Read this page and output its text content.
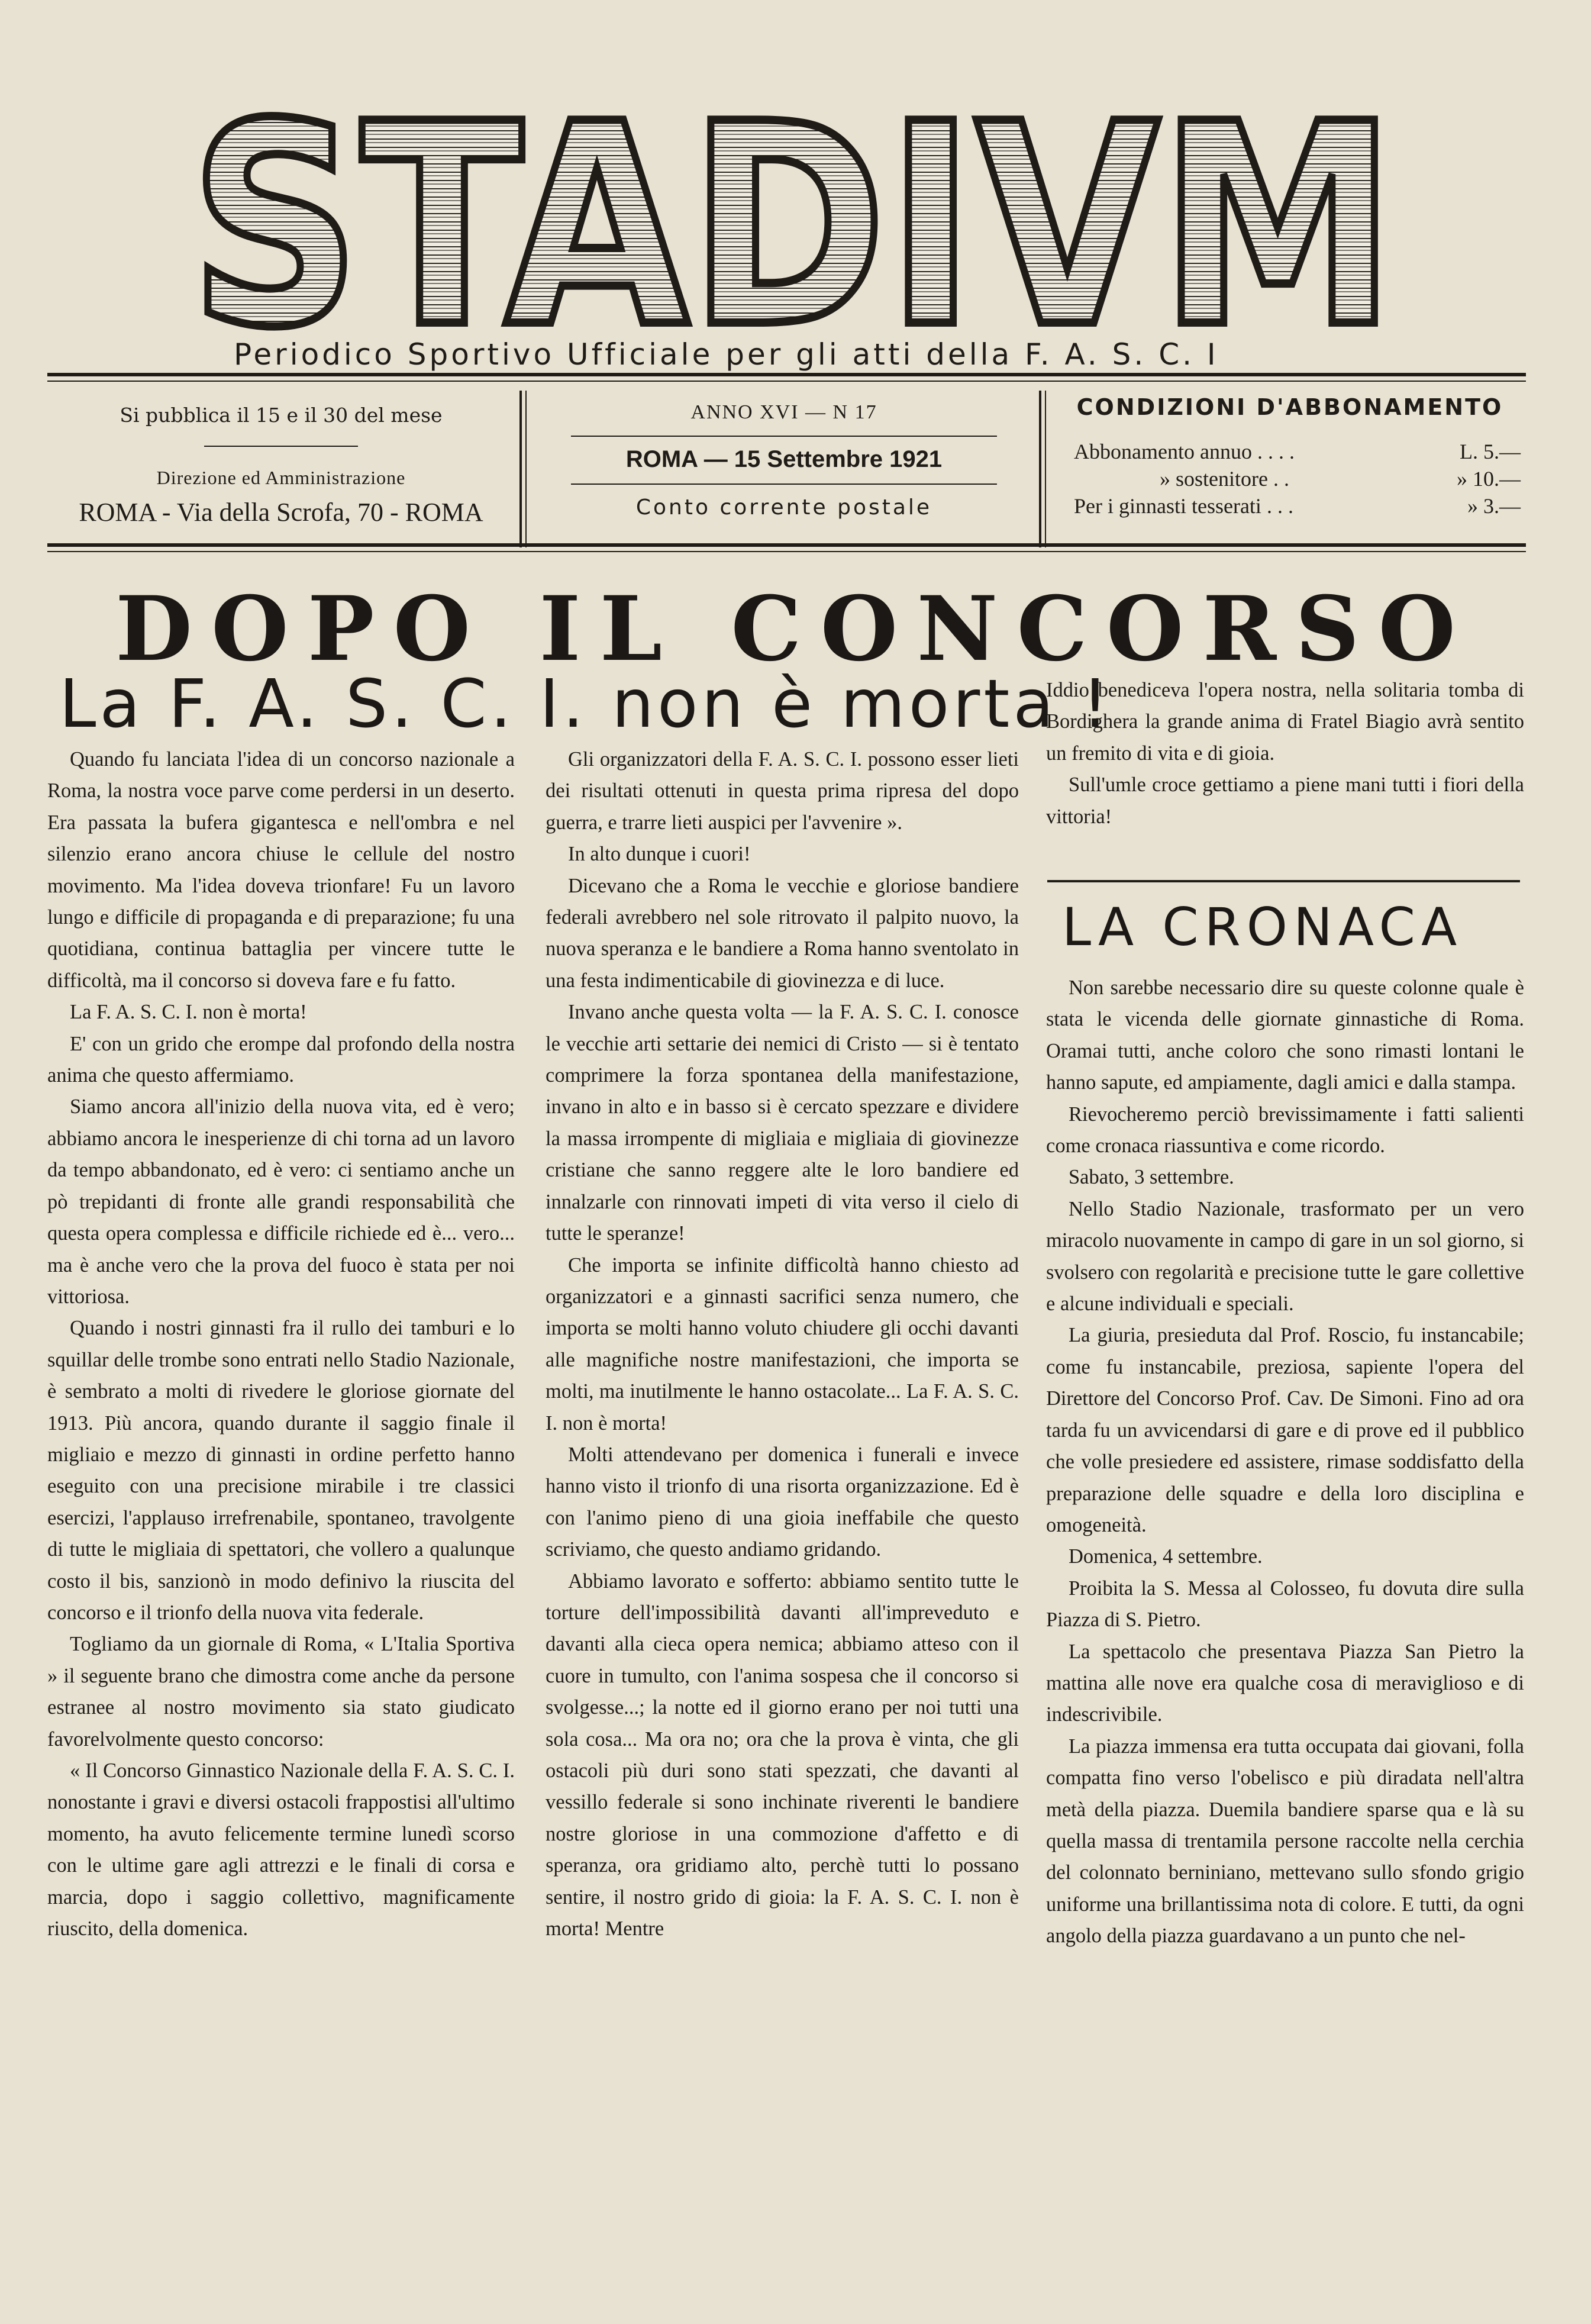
STADIVM
Periodico Sportivo Ufficiale per gli atti della F. A. S. C. I
Si pubblica il 15 e il 30 del mese
Direzione ed Amministrazione
ROMA - Via della Scrofa, 70 - ROMA
ANNO XVI — N 17
ROMA — 15 Settembre 1921
Conto corrente postale
CONDIZIONI D'ABBONAMENTO
Abbonamento annuo . . . .	L. 5.—
» sostenitore . .	» 10.—
Per i ginnasti tesserati . . .	» 3.—
DOPO IL CONCORSO
La F. A. S. C. I. non è morta !

Quando fu lanciata l'idea di un concorso nazionale a Roma, la nostra voce parve come perdersi in un deserto. Era passata la bufera gigantesca e nell'ombra e nel silenzio erano ancora chiuse le cellule del nostro movimento. Ma l'idea doveva trionfare! Fu un lavoro lungo e difficile di propaganda e di preparazione; fu una quotidiana, continua battaglia per vincere tutte le difficoltà, ma il concorso si doveva fare e fu fatto.

La F. A. S. C. I. non è morta!

E' con un grido che erompe dal profondo della nostra anima che questo affermiamo.

Siamo ancora all'inizio della nuova vita, ed è vero; abbiamo ancora le inesperienze di chi torna ad un lavoro da tempo abbandonato, ed è vero: ci sentiamo anche un pò trepidanti di fronte alle grandi responsabilità che questa opera complessa e difficile richiede ed è... vero... ma è anche vero che la prova del fuoco è stata per noi vittoriosa.

Quando i nostri ginnasti fra il rullo dei tamburi e lo squillar delle trombe sono entrati nello Stadio Nazionale, è sembrato a molti di rivedere le gloriose giornate del 1913. Più ancora, quando durante il saggio finale il migliaio e mezzo di ginnasti in ordine perfetto hanno eseguito con una precisione mirabile i tre classici esercizi, l'applauso irrefrenabile, spontaneo, travolgente di tutte le migliaia di spettatori, che vollero a qualunque costo il bis, sanzionò in modo definivo la riuscita del concorso e il trionfo della nuova vita federale.

Togliamo da un giornale di Roma, « L'Italia Sportiva » il seguente brano che dimostra come anche da persone estranee al nostro movimento sia stato giudicato favorelvolmente questo concorso:

« Il Concorso Ginnastico Nazionale della F. A. S. C. I. nonostante i gravi e diversi ostacoli frappostisi all'ultimo momento, ha avuto felicemente termine lunedì scorso con le ultime gare agli attrezzi e le finali di corsa e marcia, dopo i saggio collettivo, magnificamente riuscito, della domenica.

Gli organizzatori della F. A. S. C. I. possono esser lieti dei risultati ottenuti in questa prima ripresa del dopo guerra, e trarre lieti auspici per l'avvenire ».

In alto dunque i cuori!

Dicevano che a Roma le vecchie e gloriose bandiere federali avrebbero nel sole ritrovato il palpito nuovo, la nuova speranza e le bandiere a Roma hanno sventolato in una festa indimenticabile di giovinezza e di luce.

Invano anche questa volta — la F. A. S. C. I. conosce le vecchie arti settarie dei nemici di Cristo — si è tentato comprimere la forza spontanea della manifestazione, invano in alto e in basso si è cercato spezzare e dividere la massa irrompente di migliaia e migliaia di giovinezze cristiane che sanno reggere alte le loro bandiere ed innalzarle con rinnovati impeti di vita verso il cielo di tutte le speranze!

Che importa se infinite difficoltà hanno chiesto ad organizzatori e a ginnasti sacrifici senza numero, che importa se molti hanno voluto chiudere gli occhi davanti alle magnifiche nostre manifestazioni, che importa se molti, ma inutilmente le hanno ostacolate... La F. A. S. C. I. non è morta!

Molti attendevano per domenica i funerali e invece hanno visto il trionfo di una risorta organizzazione. Ed è con l'animo pieno di una gioia ineffabile che questo scriviamo, che questo andiamo gridando.

Abbiamo lavorato e sofferto: abbiamo sentito tutte le torture dell'impossibilità davanti all'impreveduto e davanti alla cieca opera nemica; abbiamo atteso con il cuore in tumulto, con l'anima sospesa che il concorso si svolgesse...; la notte ed il giorno erano per noi tutti una sola cosa... Ma ora no; ora che la prova è vinta, che gli ostacoli più duri sono stati spezzati, che davanti al vessillo federale si sono inchinate riverenti le bandiere nostre gloriose in una commozione d'affetto e di speranza, ora gridiamo alto, perchè tutti lo possano sentire, il nostro grido di gioia: la F. A. S. C. I. non è morta! Mentre

Iddio benediceva l'opera nostra, nella solitaria tomba di Bordighera la grande anima di Fratel Biagio avrà sentito un fremito di vita e di gioia.

Sull'umle croce gettiamo a piene mani tutti i fiori della vittoria!

LA CRONACA

Non sarebbe necessario dire su queste colonne quale è stata le vicenda delle giornate ginnastiche di Roma. Oramai tutti, anche coloro che sono rimasti lontani le hanno sapute, ed ampiamente, dagli amici e dalla stampa.

Rievocheremo perciò brevissimamente i fatti salienti come cronaca riassuntiva e come ricordo.

Sabato, 3 settembre.

Nello Stadio Nazionale, trasformato per un vero miracolo nuovamente in campo di gare in un sol giorno, si svolsero con regolarità e precisione tutte le gare collettive e alcune individuali e speciali.

La giuria, presieduta dal Prof. Roscio, fu instancabile; come fu instancabile, preziosa, sapiente l'opera del Direttore del Concorso Prof. Cav. De Simoni. Fino ad ora tarda fu un avvicendarsi di gare e di prove ed il pubblico che volle presiedere ed assistere, rimase soddisfatto della preparazione delle squadre e della loro disciplina e omogeneità.

Domenica, 4 settembre.

Proibita la S. Messa al Colosseo, fu dovuta dire sulla Piazza di S. Pietro.

La spettacolo che presentava Piazza San Pietro la mattina alle nove era qualche cosa di meraviglioso e di indescrivibile.

La piazza immensa era tutta occupata dai giovani, folla compatta fino verso l'obelisco e più diradata nell'altra metà della piazza. Duemila bandiere sparse qua e là su quella massa di trentamila persone raccolte nella cerchia del colonnato berniniano, mettevano sullo sfondo grigio uniforme una brillantissima nota di colore. E tutti, da ogni angolo della piazza guardavano a un punto che nel-
